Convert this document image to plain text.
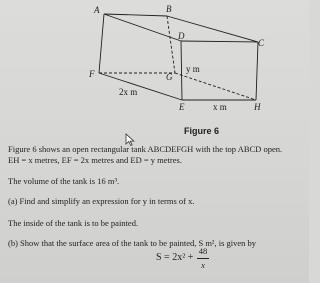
A	B
C
D
E
F	G
H
y m
x m
2x m
Figure 6
Figure 6 shows an open rectangular tank ABCDEFGH with the top ABCD open.
EH = x metres, EF = 2x metres and ED = y metres.
The volume of the tank is 16 m³.
(a) Find and simplify an expression for y in terms of x.
The inside of the tank is to be painted.
(b) Show that the surface area of the tank to be painted, S m², is given by
S = 2x² +
48
x
